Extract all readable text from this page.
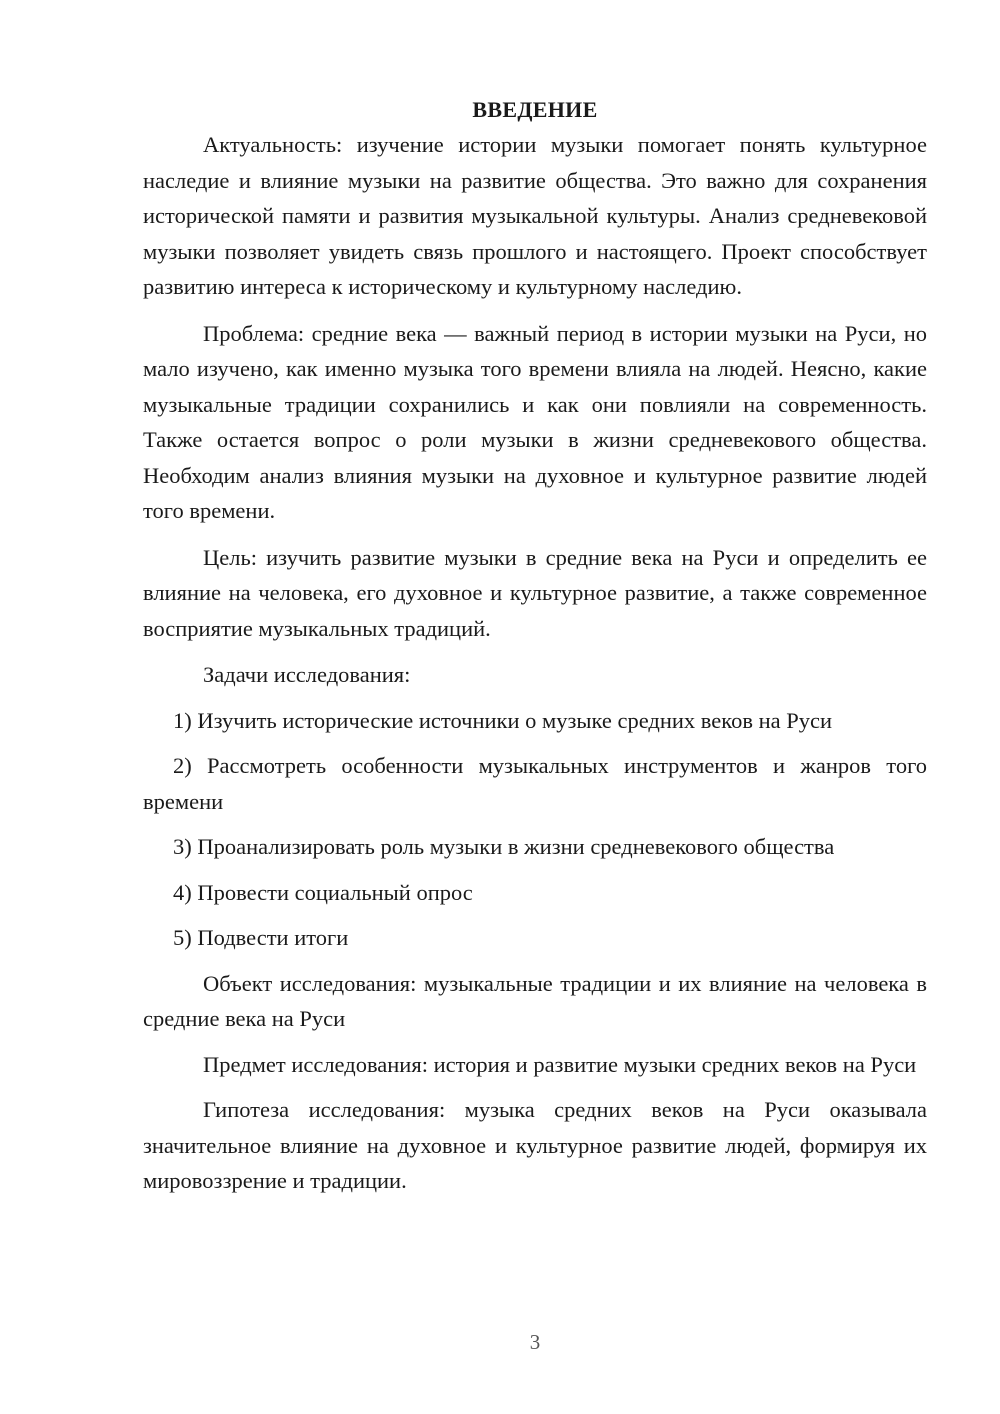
ВВЕДЕНИЕ

Актуальность: изучение истории музыки помогает понять культурное наследие и влияние музыки на развитие общества. Это важно для сохранения исторической памяти и развития музыкальной культуры. Анализ средневековой музыки позволяет увидеть связь прошлого и настоящего. Проект способствует развитию интереса к историческому и культурному наследию.

Проблема: средние века — важный период в истории музыки на Руси, но мало изучено, как именно музыка того времени влияла на людей. Неясно, какие музыкальные традиции сохранились и как они повлияли на современность. Также остается вопрос о роли музыки в жизни средневекового общества. Необходим анализ влияния музыки на духовное и культурное развитие людей того времени.

Цель: изучить развитие музыки в средние века на Руси и определить ее влияние на человека, его духовное и культурное развитие, а также современное восприятие музыкальных традиций.

Задачи исследования:

1) Изучить исторические источники о музыке средних веков на Руси

2) Рассмотреть особенности музыкальных инструментов и жанров того времени

3) Проанализировать роль музыки в жизни средневекового общества

4) Провести социальный опрос

5) Подвести итоги

Объект исследования: музыкальные традиции и их влияние на человека в средние века на Руси

Предмет исследования: история и развитие музыки средних веков на Руси

Гипотеза исследования: музыка средних веков на Руси оказывала значительное влияние на духовное и культурное развитие людей, формируя их мировоззрение и традиции.

3
